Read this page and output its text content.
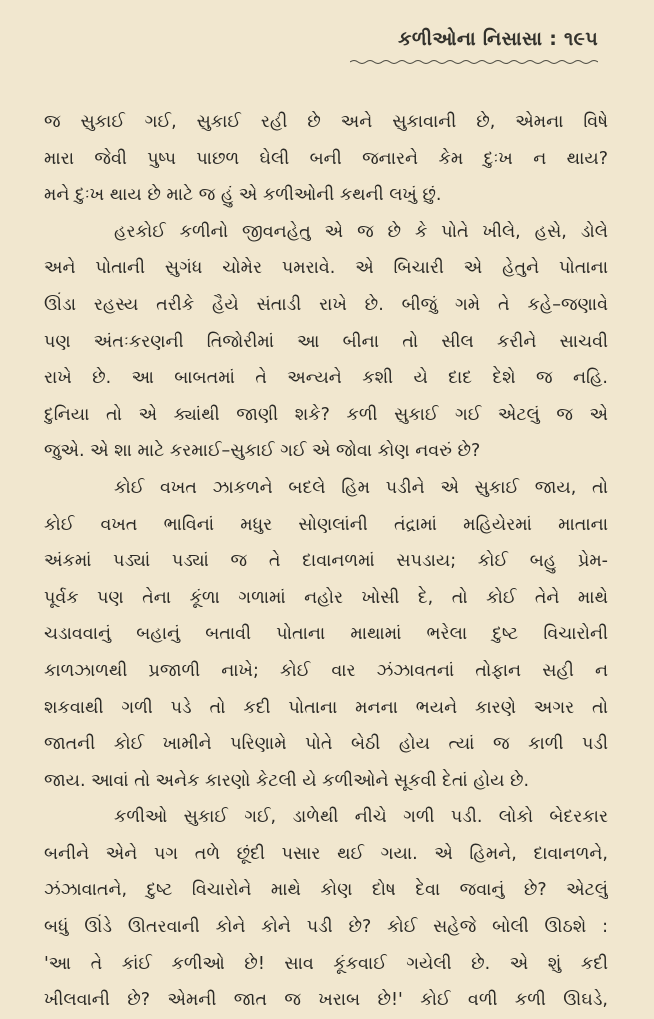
કળીઓના નિસાસા : ૧૯૫
જ સુકાઈ ગઈ, સુકાઈ રહી છે અને સુકાવાની છે, એમના વિષે
મારા જેવી પુષ્પ પાછળ ઘેલી બની જનારને કેમ દુઃખ ન થાય?
મને દુઃખ થાય છે માટે જ હું એ કળીઓની કથની લખું છું.
હરકોઈ કળીનો જીવનહેતુ એ જ છે કે પોતે ખીલે, હસે, ડોલે
અને પોતાની સુગંધ ચોમેર પમરાવે. એ બિચારી એ હેતુને પોતાના
ઊંડા રહસ્ય તરીકે હૈયે સંતાડી રાખે છે. બીજું ગમે તે કહે–જણાવે
પણ અંતઃકરણની તિજોરીમાં આ બીના તો સીલ કરીને સાચવી
રાખે છે. આ બાબતમાં તે અન્યને કશી યે દાદ દેશે જ નહિ.
દુનિયા તો એ ક્યાંથી જાણી શકે? કળી સુકાઈ ગઈ એટલું જ એ
જુએ. એ શા માટે કરમાઈ–સુકાઈ ગઈ એ જોવા કોણ નવરું છે?
કોઈ વખત ઝાકળને બદલે હિમ પડીને એ સુકાઈ જાય, તો
કોઈ વખત ભાવિનાં મધુર સોણલાંની તંદ્રામાં મહિયેરમાં માતાના
અંકમાં પડ્યાં પડ્યાં જ તે દાવાનળમાં સપડાય; કોઈ બહુ પ્રેમ-
પૂર્વક પણ તેના કૂંળા ગળામાં નહોર ખોસી દે, તો કોઈ તેને માથે
ચડાવવાનું બહાનું બતાવી પોતાના માથામાં ભરેલા દુષ્ટ વિચારોની
કાળઝાળથી પ્રજાળી નાખે; કોઈ વાર ઝંઝાવતનાં તોફાન સહી ન
શકવાથી ગળી પડે તો કદી પોતાના મનના ભયને કારણે અગર તો
જાતની કોઈ ખામીને પરિણામે પોતે બેઠી હોય ત્યાં જ કાળી પડી
જાય. આવાં તો અનેક કારણો કેટલી યે કળીઓને સૂકવી દેતાં હોય છે.
કળીઓ સુકાઈ ગઈ, ડાળેથી નીચે ગળી પડી. લોકો બેદરકાર
બનીને એને પગ તળે છૂંદી પસાર થઈ ગયા. એ હિમને, દાવાનળને,
ઝંઝાવાતને, દુષ્ટ વિચારોને માથે કોણ દોષ દેવા જવાનું છે? એટલું
બધું ઊંડે ઊતરવાની કોને કોને પડી છે? કોઈ સહેજે બોલી ઊઠશે :
'આ તે કાંઈ કળીઓ છે! સાવ કૂંકવાઈ ગયેલી છે. એ શું કદી
ખીલવાની છે? એમની જાત જ ખરાબ છે!' કોઈ વળી કળી ઊઘડે,
